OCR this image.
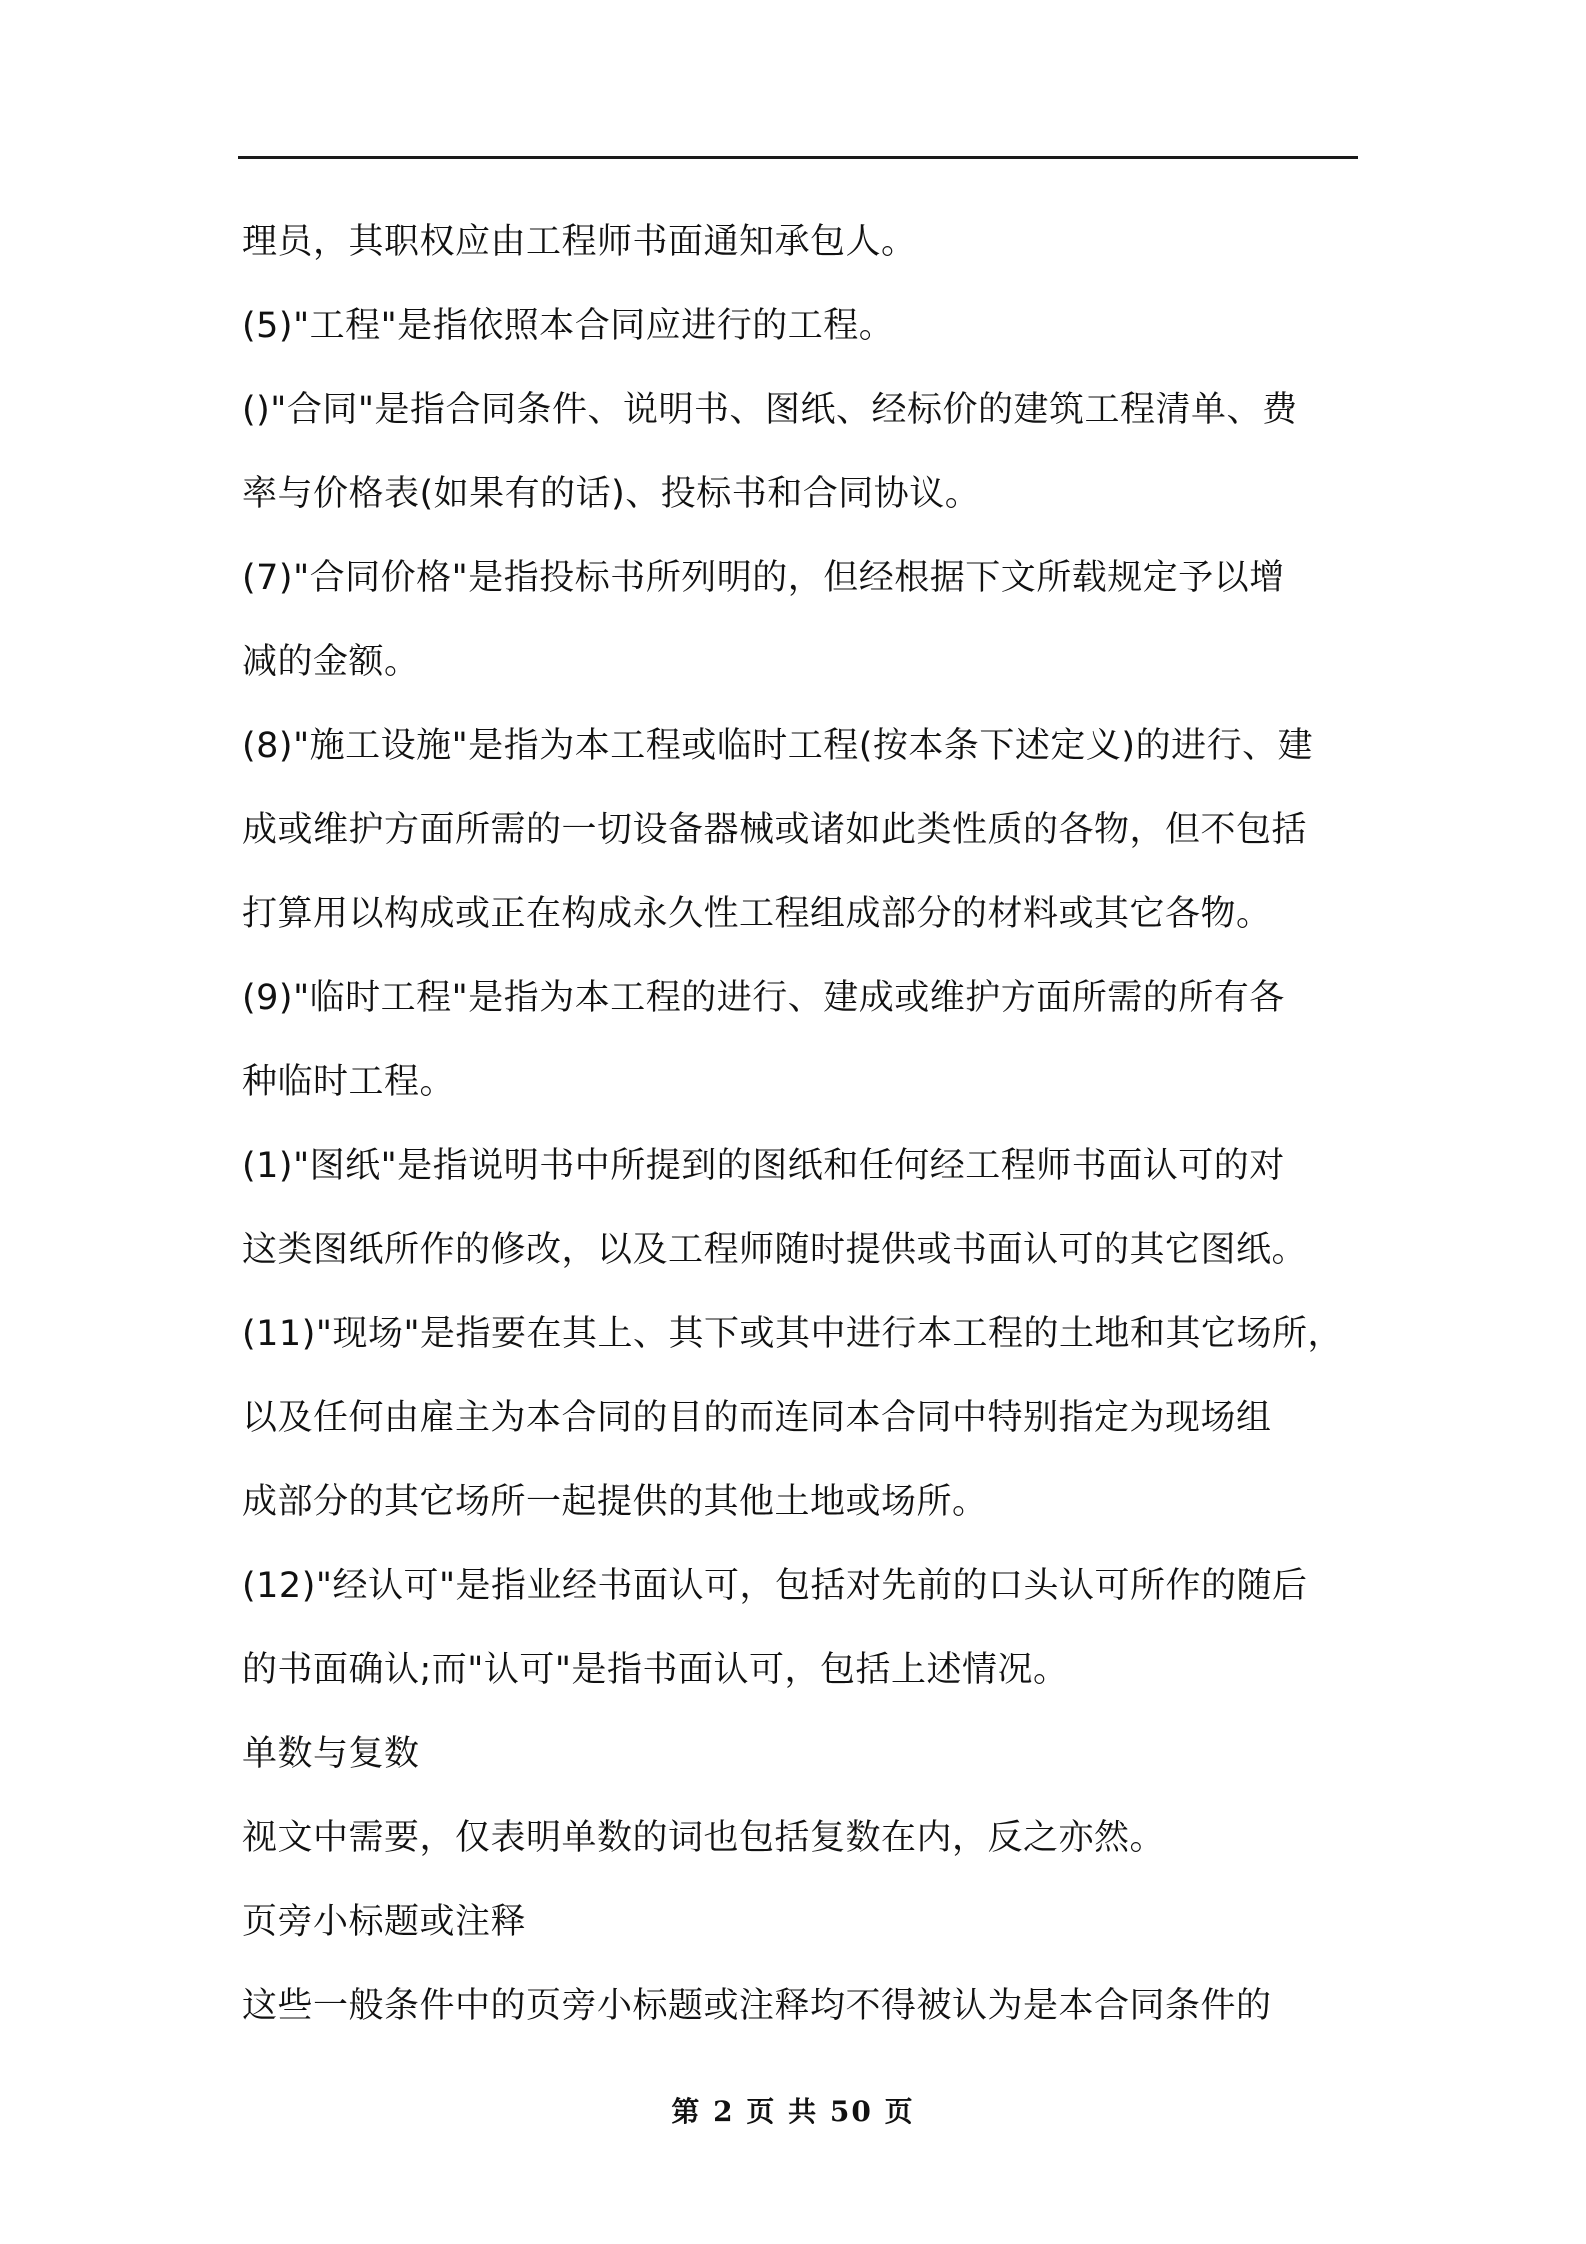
理员，其职权应由工程师书面通知承包人。
(5)"工程"是指依照本合同应进行的工程。
()"合同"是指合同条件、说明书、图纸、经标价的建筑工程清单、费
率与价格表(如果有的话)、投标书和合同协议。
(7)"合同价格"是指投标书所列明的，但经根据下文所载规定予以增
减的金额。
(8)"施工设施"是指为本工程或临时工程(按本条下述定义)的进行、建
成或维护方面所需的一切设备器械或诸如此类性质的各物，但不包括
打算用以构成或正在构成永久性工程组成部分的材料或其它各物。
(9)"临时工程"是指为本工程的进行、建成或维护方面所需的所有各
种临时工程。
(1)"图纸"是指说明书中所提到的图纸和任何经工程师书面认可的对
这类图纸所作的修改，以及工程师随时提供或书面认可的其它图纸。
(11)"现场"是指要在其上、其下或其中进行本工程的土地和其它场所，
以及任何由雇主为本合同的目的而连同本合同中特别指定为现场组
成部分的其它场所一起提供的其他土地或场所。
(12)"经认可"是指业经书面认可，包括对先前的口头认可所作的随后
的书面确认;而"认可"是指书面认可，包括上述情况。
单数与复数
视文中需要，仅表明单数的词也包括复数在内，反之亦然。
页旁小标题或注释
这些一般条件中的页旁小标题或注释均不得被认为是本合同条件的
第 2 页 共 50 页
